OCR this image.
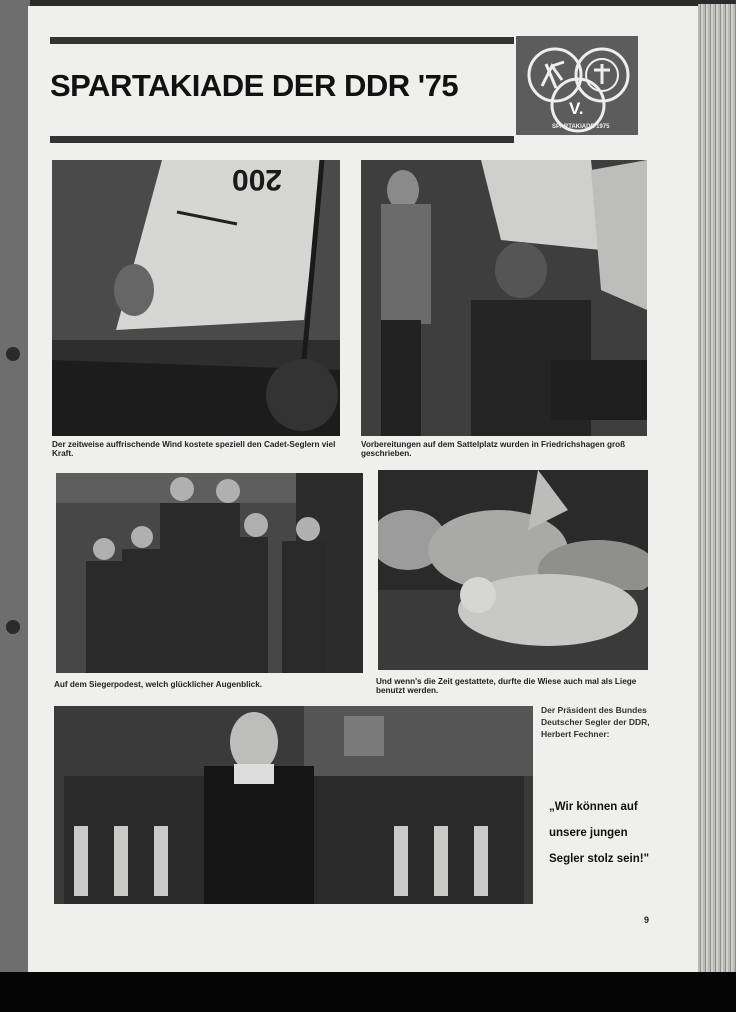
SPARTAKIADE DER DDR '75
V.
SPARTAKIADE 1975
200
Der zeitweise auffrischende Wind kostete speziell den Cadet-Seglern viel Kraft.
Vorbereitungen auf dem Sattelplatz wurden in Friedrichshagen groß geschrieben.
Auf dem Siegerpodest, welch glücklicher Augenblick.	Und wenn's die Zeit gestattete, durfte die Wiese auch mal als Liege benutzt werden.
Der Präsident des Bundes Deutscher Segler der DDR, Herbert Fechner:
„Wir können auf
unsere jungen
Segler stolz sein!"
9
